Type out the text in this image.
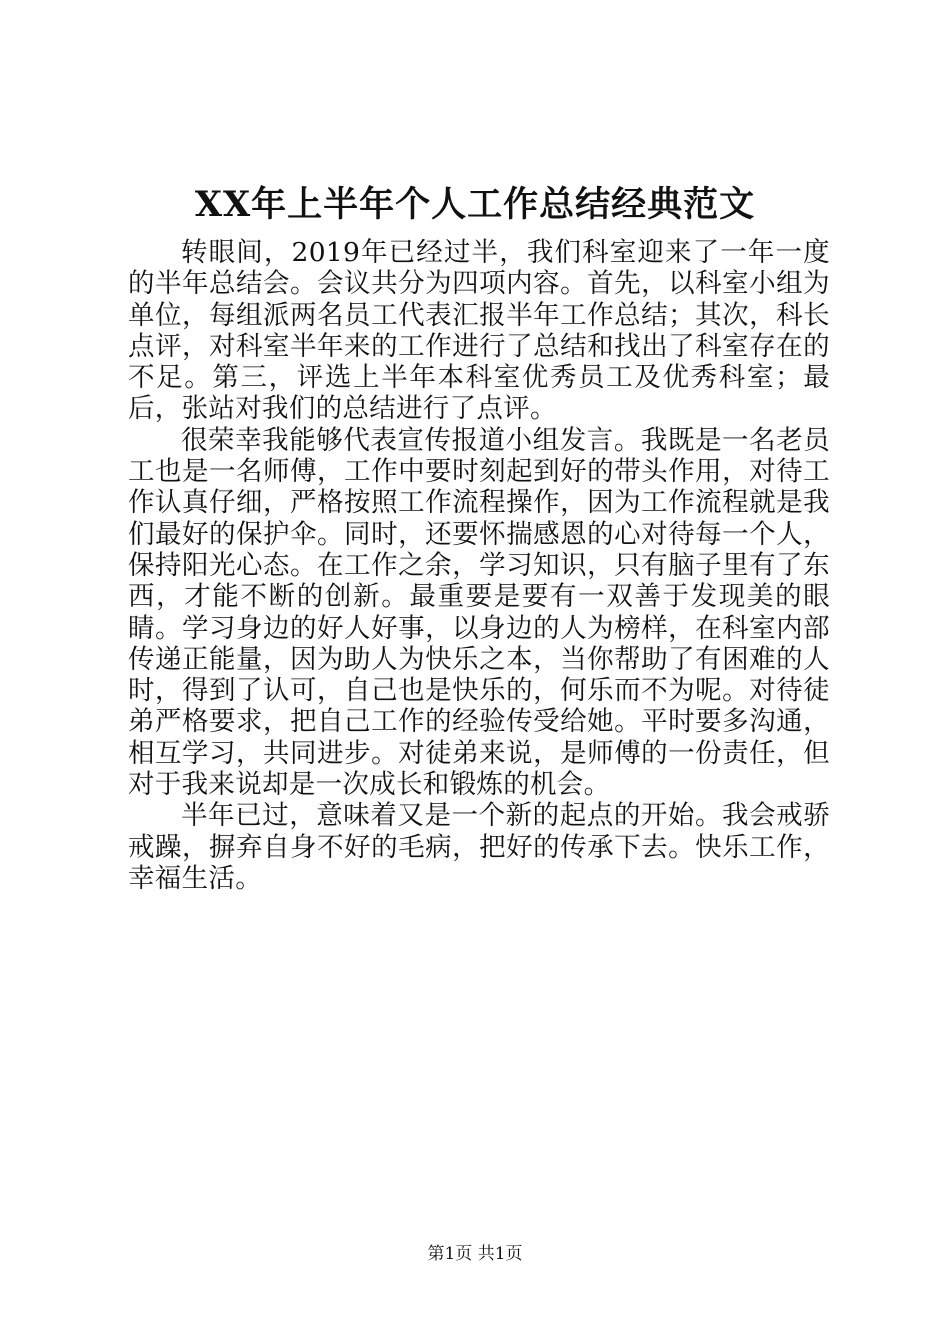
XX年上半年个人工作总结经典范文

转眼间，2019年已经过半，我们科室迎来了一年一度的半年总结会。会议共分为四项内容。首先，以科室小组为单位，每组派两名员工代表汇报半年工作总结；其次，科长点评，对科室半年来的工作进行了总结和找出了科室存在的不足。第三，评选上半年本科室优秀员工及优秀科室；最后，张站对我们的总结进行了点评。

很荣幸我能够代表宣传报道小组发言。我既是一名老员工也是一名师傅，工作中要时刻起到好的带头作用，对待工作认真仔细，严格按照工作流程操作，因为工作流程就是我们最好的保护伞。同时，还要怀揣感恩的心对待每一个人，保持阳光心态。在工作之余，学习知识，只有脑子里有了东西，才能不断的创新。最重要是要有一双善于发现美的眼睛。学习身边的好人好事，以身边的人为榜样，在科室内部传递正能量，因为助人为快乐之本，当你帮助了有困难的人时，得到了认可，自己也是快乐的，何乐而不为呢。对待徒弟严格要求，把自己工作的经验传受给她。平时要多沟通，相互学习，共同进步。对徒弟来说，是师傅的一份责任，但对于我来说却是一次成长和锻炼的机会。

半年已过，意味着又是一个新的起点的开始。我会戒骄戒躁，摒弃自身不好的毛病，把好的传承下去。快乐工作，幸福生活。

第1页 共1页
